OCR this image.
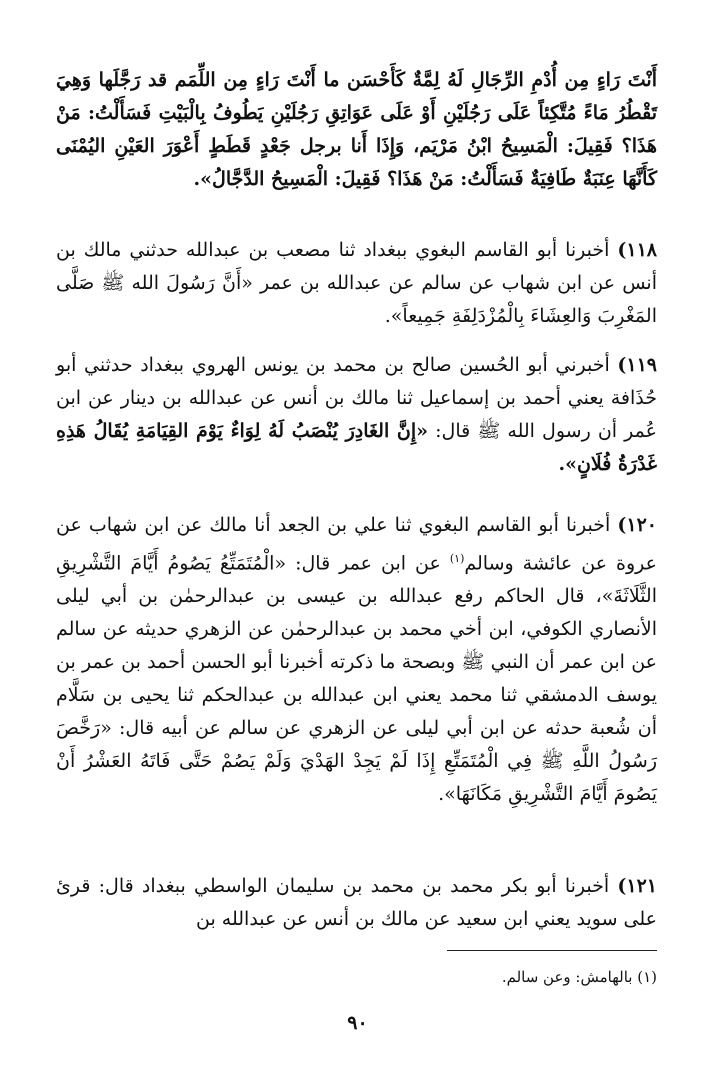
أَنْتَ رَاءٍ مِن أُدْمِ الرِّجَالِ لَهُ لِمَّةٌ كَأَحْسَن ما أَنْتَ رَاءٍ مِن اللِّمَم قد رَجَّلَها وَهِيَ تَقْطُرُ مَاءً مُتَّكِئاً عَلَى رَجُلَيْنِ أَوْ عَلَى عَوَاتِقِ رَجُلَيْنِ يَطُوفُ بِالْبَيْتِ فَسَأَلْتُ: مَنْ هَذَا؟ فَقِيلَ: الْمَسِيحُ ابْنُ مَرْيَم، وَإِذَا أَنا برجل جَعْدٍ قَطَطٍ أَعْوَرَ العَيْنِ اليُمْنَى كَأَنَّهَا عِنَبَةٌ طَافِيَةٌ فَسَأَلْتُ: مَنْ هَذَا؟ فَقِيلَ: الْمَسِيحُ الدَّجَّالُ».

١١٨) أخبرنا أبو القاسم البغوي ببغداد ثنا مصعب بن عبدالله حدثني مالك بن أنس عن ابن شهاب عن سالم عن عبدالله بن عمر «أَنَّ رَسُولَ الله ﷺ صَلَّى المَغْرِبَ وَالعِشَاءَ بِالْمُزْدَلِفَةِ جَمِيعاً».

١١٩) أخبرني أبو الحُسين صالح بن محمد بن يونس الهروي ببغداد حدثني أبو حُذَافة يعني أحمد بن إسماعيل ثنا مالك بن أنس عن عبدالله بن دينار عن ابن عُمر أن رسول الله ﷺ قال: «إِنَّ الغَادِرَ يُنْصَبُ لَهُ لِوَاءٌ يَوْمَ القِيَامَةِ يُقَالُ هَذِهِ غَدْرَةُ فُلَانٍ».

١٢٠) أخبرنا أبو القاسم البغوي ثنا علي بن الجعد أنا مالك عن ابن شهاب عن عروة عن عائشة وسالم$^{(١)}$ عن ابن عمر قال: «الْمُتَمَتِّعُ يَصُومُ أَيَّامَ التَّشْرِيقِ الثَّلَاثَةَ»، قال الحاكم رفع عبدالله بن عيسى بن عبدالرحمٰن بن أبي ليلى الأنصاري الكوفي، ابن أخي محمد بن عبدالرحمٰن عن الزهري حديثه عن سالم عن ابن عمر أن النبي ﷺ وبصحة ما ذكرته أخبرنا أبو الحسن أحمد بن عمر بن يوسف الدمشقي ثنا محمد يعني ابن عبدالله بن عبدالحكم ثنا يحيى بن سَلَّام أن شُعبة حدثه عن ابن أبي ليلى عن الزهري عن سالم عن أبيه قال: «رَخَّصَ رَسُولُ اللَّهِ ﷺ فِي الْمُتَمَتِّعِ إِذَا لَمْ يَجِدْ الهَدْيَ وَلَمْ يَصُمْ حَتَّى فَاتَهُ العَشْرُ أَنْ يَصُومَ أَيَّامَ التَّشْرِيقِ مَكَانَهَا».

١٢١) أخبرنا أبو بكر محمد بن محمد بن سليمان الواسطي ببغداد قال: قرئ على سويد يعني ابن سعيد عن مالك بن أنس عن عبدالله بن

(١) بالهامش: وعن سالم.
٩٠
